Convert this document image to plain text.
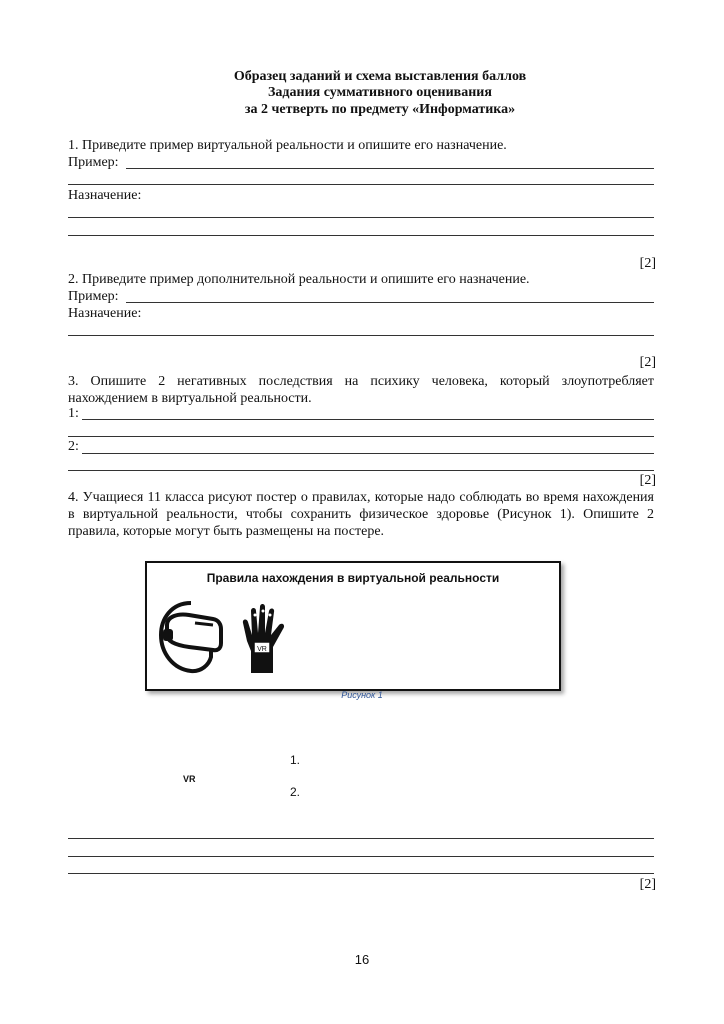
Образец заданий и схема выставления баллов
Задания суммативного оценивания
за 2 четверть по предмету «Информатика»
1. Приведите пример виртуальной реальности и опишите его назначение.
Пример:
Назначение:
[2]
2. Приведите пример дополнительной реальности и опишите его назначение.
Пример:
Назначение:
[2]
3. Опишите 2 негативных последствия на психику человека, который злоупотребляет нахождением в виртуальной реальности.
1:
2:
[2]
4. Учащиеся 11 класса рисуют постер о правилах, которые надо соблюдать во время нахождения в виртуальной реальности, чтобы сохранить физическое здоровье (Рисунок 1). Опишите 2 правила, которые могут быть размещены на постере.
Правила нахождения в виртуальной реальности
VR
Рисунок 1
1.
VR
2.
[2]
16
